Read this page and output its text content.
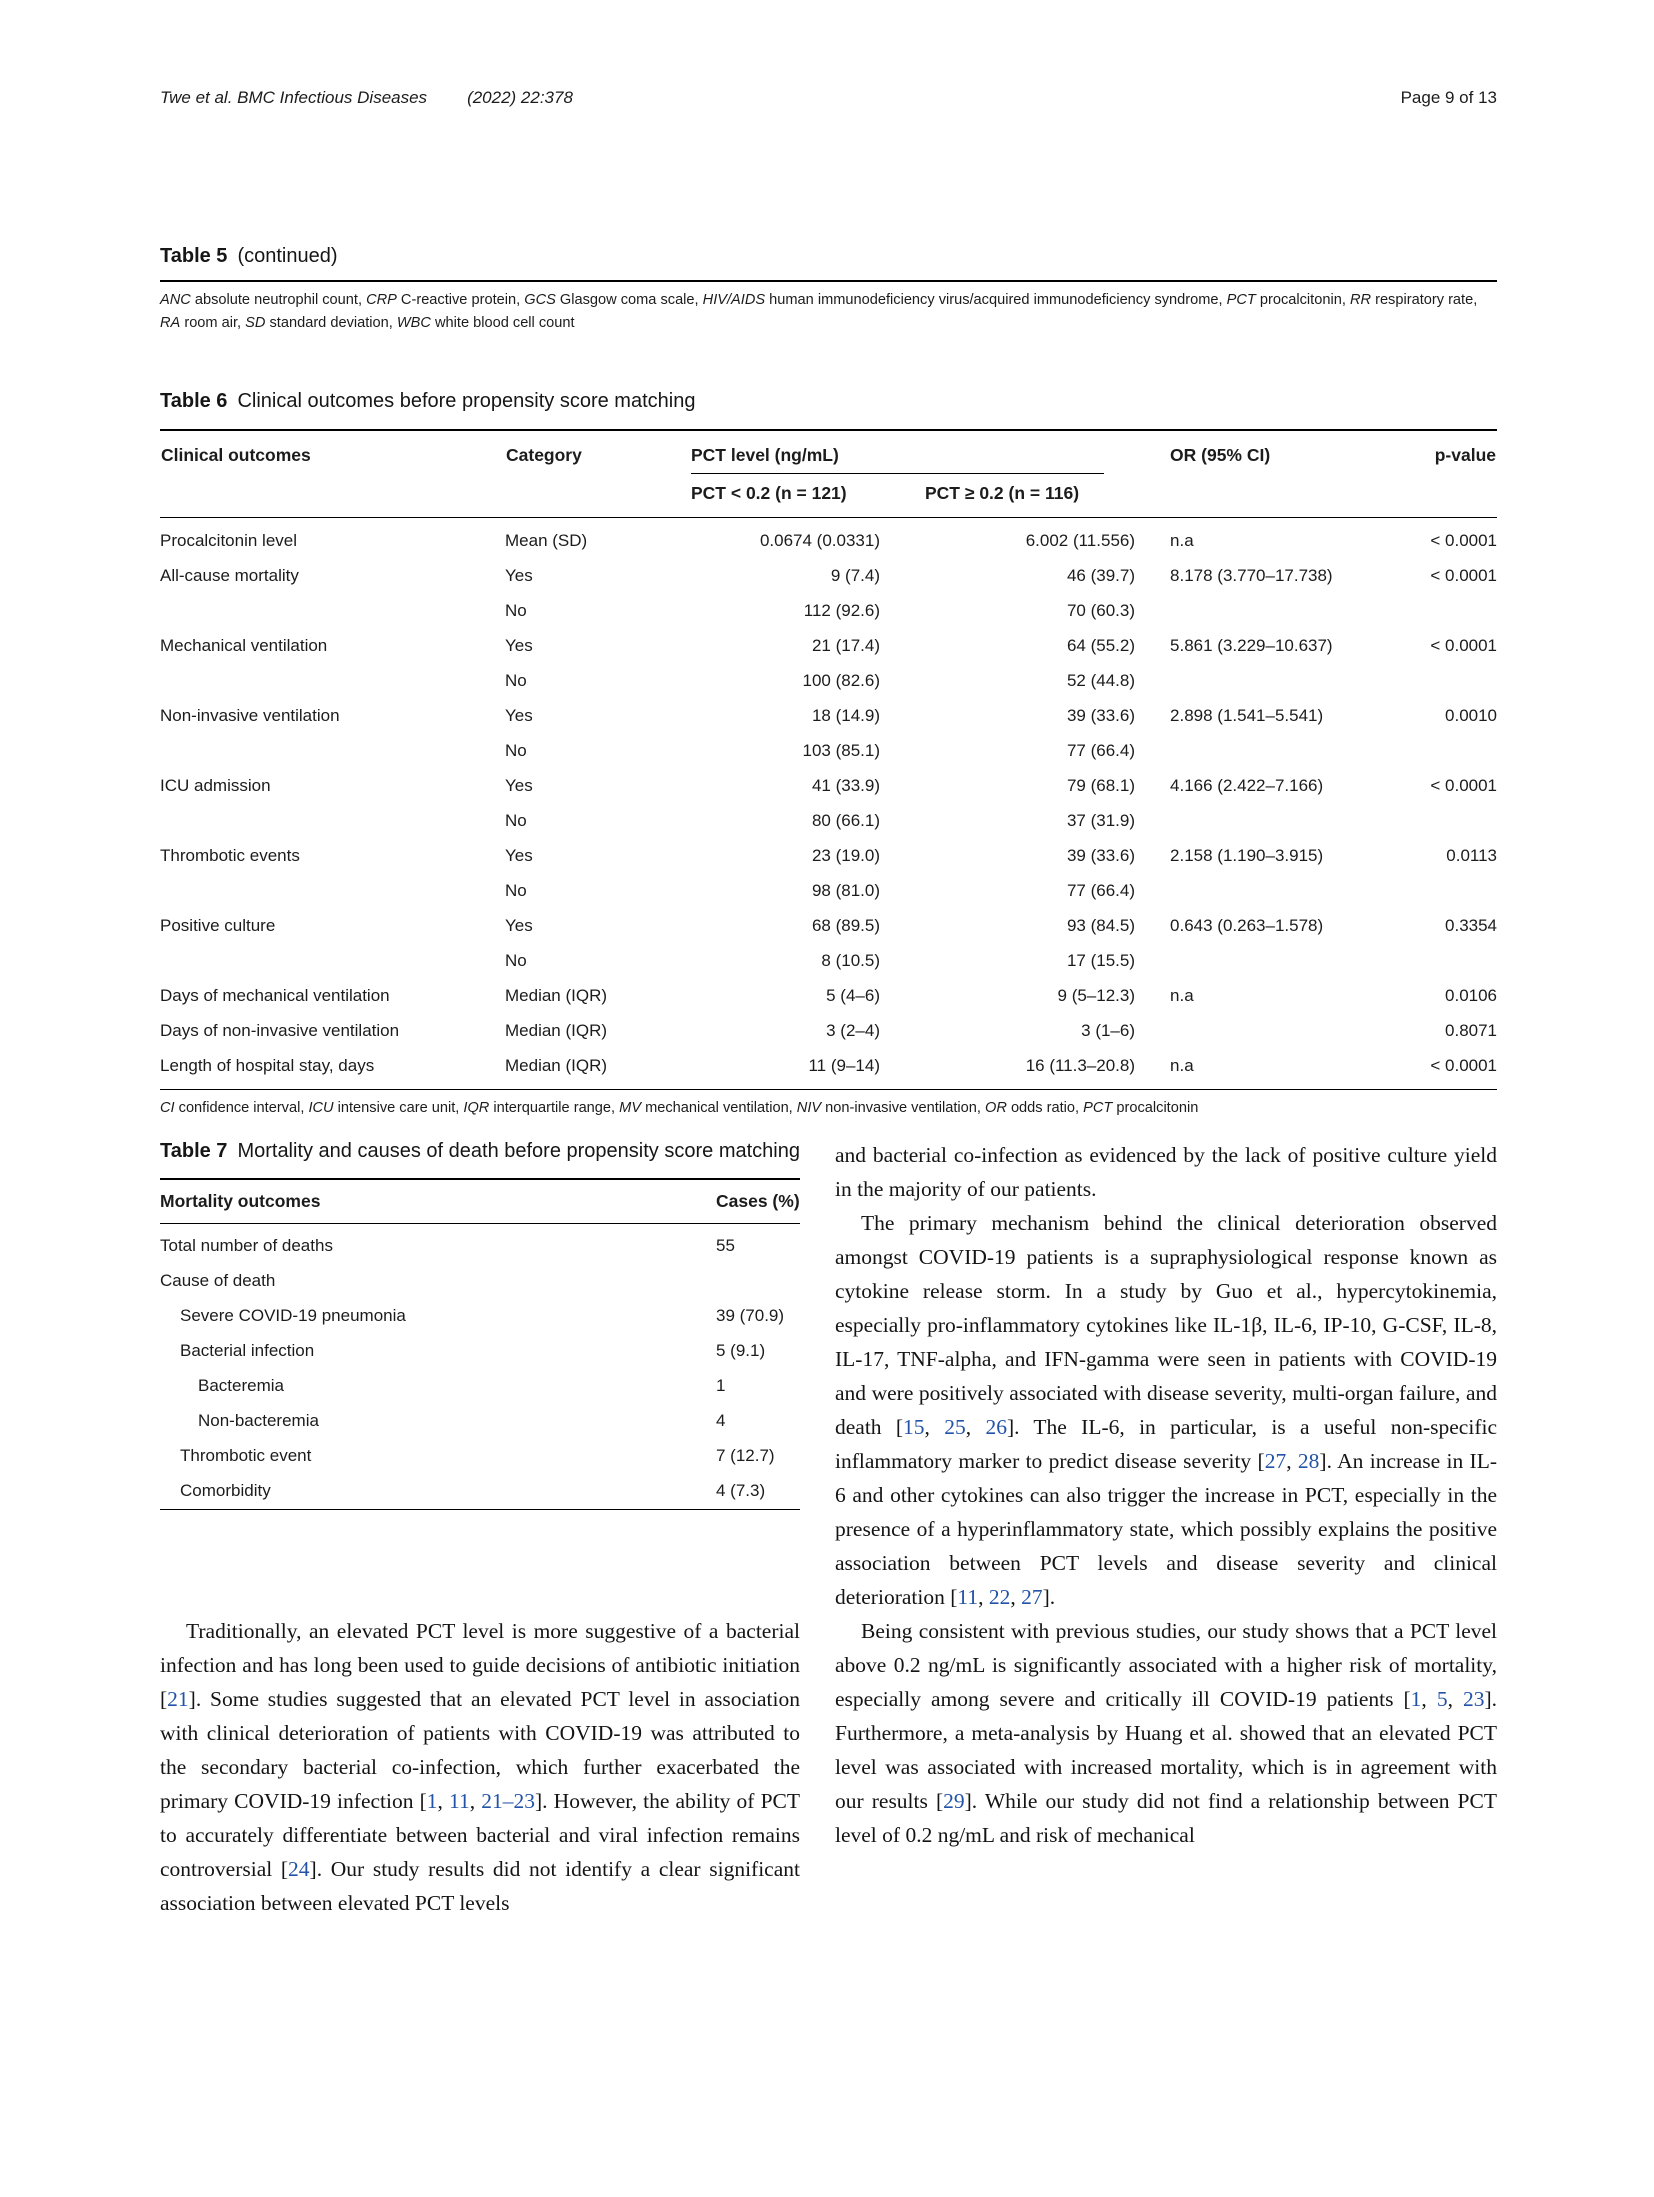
Twe et al. BMC Infectious Diseases (2022) 22:378	Page 9 of 13
Table 5 (continued)

ANC absolute neutrophil count, CRP C-reactive protein, GCS Glasgow coma scale, HIV/AIDS human immunodeficiency virus/acquired immunodeficiency syndrome, PCT procalcitonin, RR respiratory rate, RA room air, SD standard deviation, WBC white blood cell count

Table 6 Clinical outcomes before propensity score matching
Clinical outcomes	Category	PCT level (ng/mL)		OR (95% CI)	p-value
		PCT < 0.2 (n = 121)	PCT ≥ 0.2 (n = 116)		
Procalcitonin level	Mean (SD)	0.0674 (0.0331)	6.002 (11.556)	n.a	< 0.0001
All-cause mortality	Yes	9 (7.4)	46 (39.7)	8.178 (3.770–17.738)	< 0.0001
	No	112 (92.6)	70 (60.3)		
Mechanical ventilation	Yes	21 (17.4)	64 (55.2)	5.861 (3.229–10.637)	< 0.0001
	No	100 (82.6)	52 (44.8)		
Non-invasive ventilation	Yes	18 (14.9)	39 (33.6)	2.898 (1.541–5.541)	0.0010
	No	103 (85.1)	77 (66.4)		
ICU admission	Yes	41 (33.9)	79 (68.1)	4.166 (2.422–7.166)	< 0.0001
	No	80 (66.1)	37 (31.9)		
Thrombotic events	Yes	23 (19.0)	39 (33.6)	2.158 (1.190–3.915)	0.0113
	No	98 (81.0)	77 (66.4)		
Positive culture	Yes	68 (89.5)	93 (84.5)	0.643 (0.263–1.578)	0.3354
	No	8 (10.5)	17 (15.5)		
Days of mechanical ventilation	Median (IQR)	5 (4–6)	9 (5–12.3)	n.a	0.0106
Days of non-invasive ventilation	Median (IQR)	3 (2–4)	3 (1–6)		0.8071
Length of hospital stay, days	Median (IQR)	11 (9–14)	16 (11.3–20.8)	n.a	< 0.0001

CI confidence interval, ICU intensive care unit, IQR interquartile range, MV mechanical ventilation, NIV non-invasive ventilation, OR odds ratio, PCT procalcitonin

Table 7 Mortality and causes of death before propensity score matching
Mortality outcomes	Cases (%)
Total number of deaths	55
Cause of death	
Severe COVID-19 pneumonia	39 (70.9)
Bacterial infection	5 (9.1)
Bacteremia	1
Non-bacteremia	4
Thrombotic event	7 (12.7)
Comorbidity	4 (7.3)

Traditionally, an elevated PCT level is more suggestive of a bacterial infection and has long been used to guide decisions of antibiotic initiation [21]. Some studies suggested that an elevated PCT level in association with clinical deterioration of patients with COVID-19 was attributed to the secondary bacterial co-infection, which further exacerbated the primary COVID-19 infection [1, 11, 21–23]. However, the ability of PCT to accurately differentiate between bacterial and viral infection remains controversial [24]. Our study results did not identify a clear significant association between elevated PCT levels

and bacterial co-infection as evidenced by the lack of positive culture yield in the majority of our patients.

The primary mechanism behind the clinical deterioration observed amongst COVID-19 patients is a supraphysiological response known as cytokine release storm. In a study by Guo et al., hypercytokinemia, especially pro-inflammatory cytokines like IL-1β, IL-6, IP-10, G-CSF, IL-8, IL-17, TNF-alpha, and IFN-gamma were seen in patients with COVID-19 and were positively associated with disease severity, multi-organ failure, and death [15, 25, 26]. The IL-6, in particular, is a useful non-specific inflammatory marker to predict disease severity [27, 28]. An increase in IL-6 and other cytokines can also trigger the increase in PCT, especially in the presence of a hyperinflammatory state, which possibly explains the positive association between PCT levels and disease severity and clinical deterioration [11, 22, 27].

Being consistent with previous studies, our study shows that a PCT level above 0.2 ng/mL is significantly associated with a higher risk of mortality, especially among severe and critically ill COVID-19 patients [1, 5, 23]. Furthermore, a meta-analysis by Huang et al. showed that an elevated PCT level was associated with increased mortality, which is in agreement with our results [29]. While our study did not find a relationship between PCT level of 0.2 ng/mL and risk of mechanical
